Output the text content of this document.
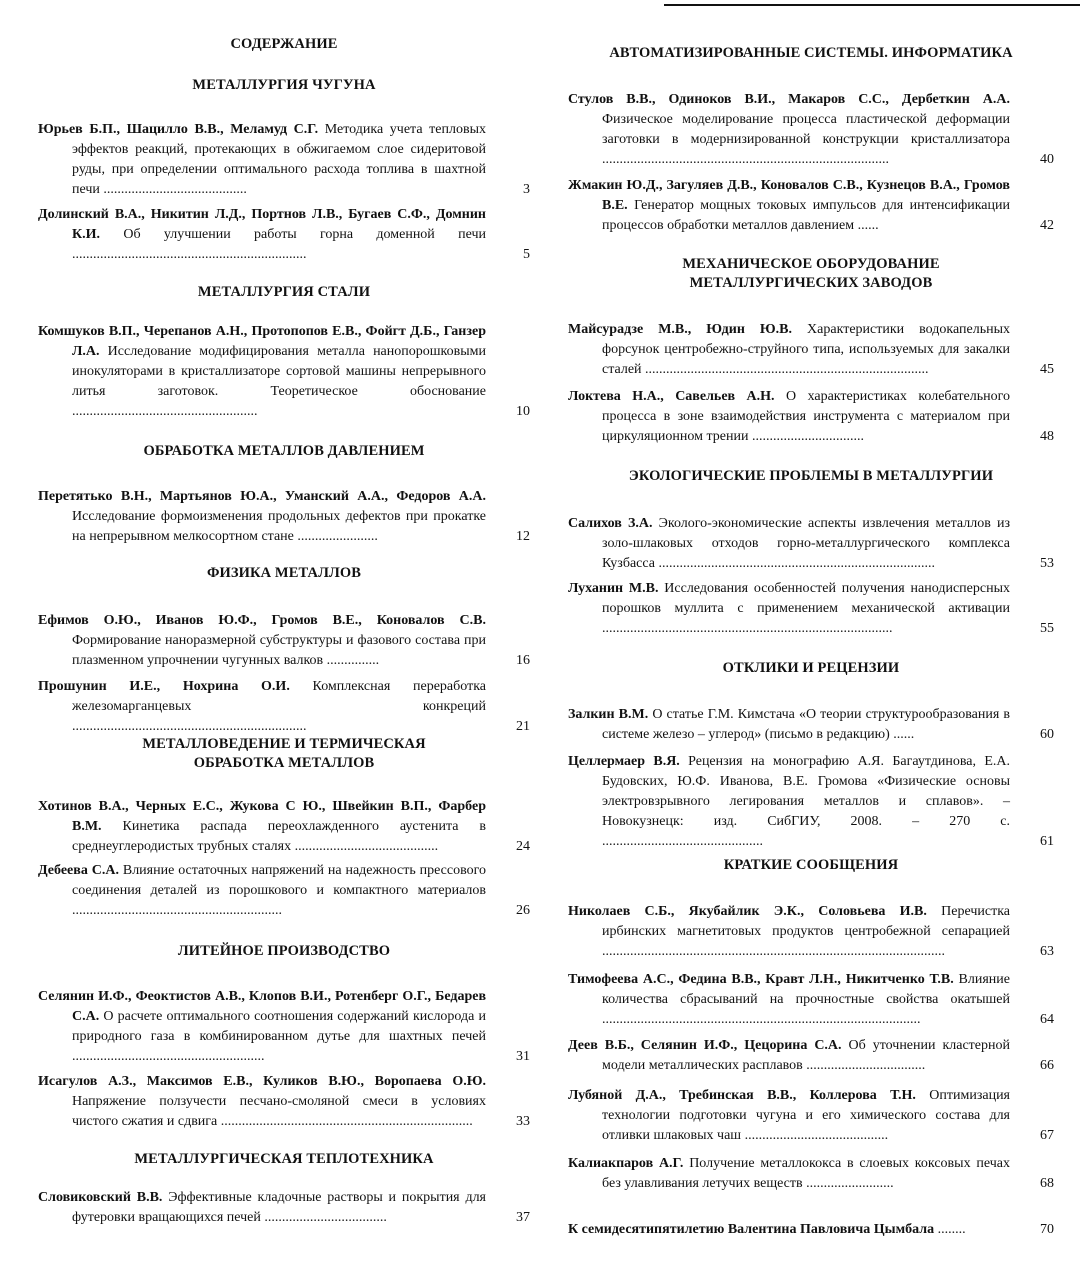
СОДЕРЖАНИЕ
МЕТАЛЛУРГИЯ ЧУГУНА
Юрьев Б.П., Шацилло В.В., Меламуд С.Г. Методика учета тепловых эффектов реакций, протекающих в обжигаемом слое сидеритовой руды, при определении оптимального расхода топлива в шахтной печи .........................................	3
Долинский В.А., Никитин Л.Д., Портнов Л.В., Бугаев С.Ф., Домнин К.И. Об улучшении работы горна доменной печи ...................................................................	5
МЕТАЛЛУРГИЯ СТАЛИ
Комшуков В.П., Черепанов А.Н., Протопопов Е.В., Фойгт Д.Б., Ганзер Л.А. Исследование модифицирования металла нанопорошковыми инокуляторами в кристаллизаторе сортовой машины непрерывного литья заготовок. Теоретическое обоснование .....................................................	10
ОБРАБОТКА МЕТАЛЛОВ ДАВЛЕНИЕМ
Перетятько В.Н., Мартьянов Ю.А., Уманский А.А., Федоров А.А. Исследование формоизменения продольных дефектов при прокатке на непрерывном мелкосортном стане .......................	12
ФИЗИКА МЕТАЛЛОВ
Ефимов О.Ю., Иванов Ю.Ф., Громов В.Е., Коновалов С.В. Формирование наноразмерной субструктуры и фазового состава при плазменном упрочнении чугунных валков ...............	16
Прошунин И.Е., Нохрина О.И. Комплексная переработка железомарганцевых конкреций ...................................................................	21
МЕТАЛЛОВЕДЕНИЕ И ТЕРМИЧЕСКАЯ
ОБРАБОТКА МЕТАЛЛОВ
Хотинов В.А., Черных Е.С., Жукова С Ю., Швейкин В.П., Фарбер В.М. Кинетика распада переохлажденного аустенита в среднеуглеродистых трубных сталях .........................................	24
Дебеева С.А. Влияние остаточных напряжений на надежность прессового соединения деталей из порошкового и компактного материалов ............................................................	26
ЛИТЕЙНОЕ ПРОИЗВОДСТВО
Селянин И.Ф., Феоктистов А.В., Клопов В.И., Ротенберг О.Г., Бедарев С.А. О расчете оптимального соотношения содержаний кислорода и природного газа в комбинированном дутье для шахтных печей .......................................................	31
Исагулов А.З., Максимов Е.В., Куликов В.Ю., Воропаева О.Ю. Напряжение ползучести песчано-смоляной смеси в условиях чистого сжатия и сдвига ........................................................................	33
МЕТАЛЛУРГИЧЕСКАЯ ТЕПЛОТЕХНИКА
Словиковский В.В. Эффективные кладочные растворы и покрытия для футеровки вращающихся печей ...................................	37
АВТОМАТИЗИРОВАННЫЕ СИСТЕМЫ. ИНФОРМАТИКА
Стулов В.В., Одиноков В.И., Макаров С.С., Дербеткин А.А. Физическое моделирование процесса пластической деформации заготовки в модернизированной конструкции кристаллизатора ..................................................................................	40
Жмакин Ю.Д., Загуляев Д.В., Коновалов С.В., Кузнецов В.А., Громов В.Е. Генератор мощных токовых импульсов для интенсификации процессов обработки металлов давлением ......	42
МЕХАНИЧЕСКОЕ ОБОРУДОВАНИЕ
МЕТАЛЛУРГИЧЕСКИХ ЗАВОДОВ
Майсурадзе М.В., Юдин Ю.В. Характеристики водокапельных форсунок центробежно-струйного типа, используемых для закалки сталей .................................................................................	45
Локтева Н.А., Савельев А.Н. О характеристиках колебательного процесса в зоне взаимодействия инструмента с материалом при циркуляционном трении ................................	48
ЭКОЛОГИЧЕСКИЕ ПРОБЛЕМЫ В МЕТАЛЛУРГИИ
Салихов З.А. Эколого-экономические аспекты извлечения металлов из золо-шлаковых отходов горно-металлургического комплекса Кузбасса ...............................................................................	53
Луханин М.В. Исследования особенностей получения нанодисперсных порошков муллита с применением механической активации ...................................................................................	55
ОТКЛИКИ И РЕЦЕНЗИИ
Залкин В.М. О статье Г.М. Кимстача «О теории структурообразования в системе железо – углерод» (письмо в редакцию) ......	60
Целлермаер В.Я. Рецензия на монографию А.Я. Багаутдинова, Е.А. Будовских, Ю.Ф. Иванова, В.Е. Громова «Физические основы электровзрывного легирования металлов и сплавов». – Новокузнецк: изд. СибГИУ, 2008. – 270 с. ..............................................	61
КРАТКИЕ СООБЩЕНИЯ
Николаев С.Б., Якубайлик Э.К., Соловьева И.В. Перечистка ирбинских магнетитовых продуктов центробежной сепарацией ..................................................................................................	63
Тимофеева А.С., Федина В.В., Кравт Л.Н., Никитченко Т.В. Влияние количества сбрасываний на прочностные свойства окатышей ...........................................................................................	64
Деев В.Б., Селянин И.Ф., Цецорина С.А. Об уточнении кластерной модели металлических расплавов ..................................	66
Лубяной Д.А., Требинская В.В., Коллерова Т.Н. Оптимизация технологии подготовки чугуна и его химического состава для отливки шлаковых чаш .........................................	67
Калиакпаров А.Г. Получение металлококса в слоевых коксовых печах без улавливания летучих веществ .........................	68
К семидесятипятилетию Валентина Павловича Цымбала ........	70
